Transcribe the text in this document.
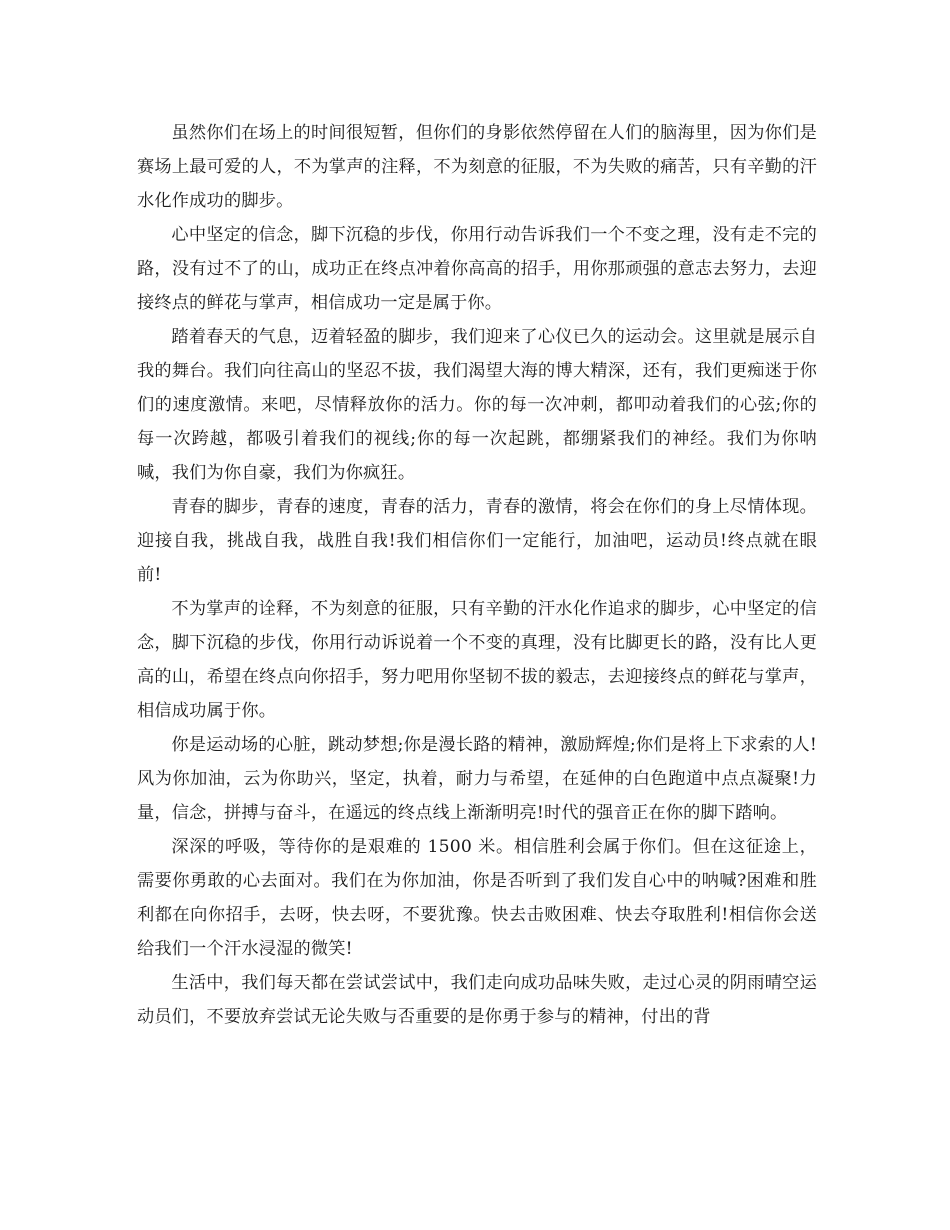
虽然你们在场上的时间很短暂，但你们的身影依然停留在人们的脑海里，因为你们是赛场上最可爱的人，不为掌声的注释，不为刻意的征服，不为失败的痛苦，只有辛勤的汗水化作成功的脚步。

心中坚定的信念，脚下沉稳的步伐，你用行动告诉我们一个不变之理，没有走不完的路，没有过不了的山，成功正在终点冲着你高高的招手，用你那顽强的意志去努力，去迎接终点的鲜花与掌声，相信成功一定是属于你。

踏着春天的气息，迈着轻盈的脚步，我们迎来了心仪已久的运动会。这里就是展示自我的舞台。我们向往高山的坚忍不拔，我们渴望大海的博大精深，还有，我们更痴迷于你们的速度激情。来吧，尽情释放你的活力。你的每一次冲刺，都叩动着我们的心弦;你的每一次跨越，都吸引着我们的视线;你的每一次起跳，都绷紧我们的神经。我们为你呐喊，我们为你自豪，我们为你疯狂。

青春的脚步，青春的速度，青春的活力，青春的激情，将会在你们的身上尽情体现。迎接自我，挑战自我，战胜自我!我们相信你们一定能行，加油吧，运动员!终点就在眼前!

不为掌声的诠释，不为刻意的征服，只有辛勤的汗水化作追求的脚步，心中坚定的信念，脚下沉稳的步伐，你用行动诉说着一个不变的真理，没有比脚更长的路，没有比人更高的山，希望在终点向你招手，努力吧用你坚韧不拔的毅志，去迎接终点的鲜花与掌声，相信成功属于你。

你是运动场的心脏，跳动梦想;你是漫长路的精神，激励辉煌;你们是将上下求索的人!风为你加油，云为你助兴，坚定，执着，耐力与希望，在延伸的白色跑道中点点凝聚!力量，信念，拼搏与奋斗，在遥远的终点线上渐渐明亮!时代的强音正在你的脚下踏响。

深深的呼吸，等待你的是艰难的 1500 米。相信胜利会属于你们。但在这征途上，需要你勇敢的心去面对。我们在为你加油，你是否听到了我们发自心中的呐喊?困难和胜利都在向你招手，去呀，快去呀，不要犹豫。快去击败困难、快去夺取胜利!相信你会送给我们一个汗水浸湿的微笑!

生活中，我们每天都在尝试尝试中，我们走向成功品味失败，走过心灵的阴雨晴空运动员们，不要放弃尝试无论失败与否重要的是你勇于参与的精神，付出的背
